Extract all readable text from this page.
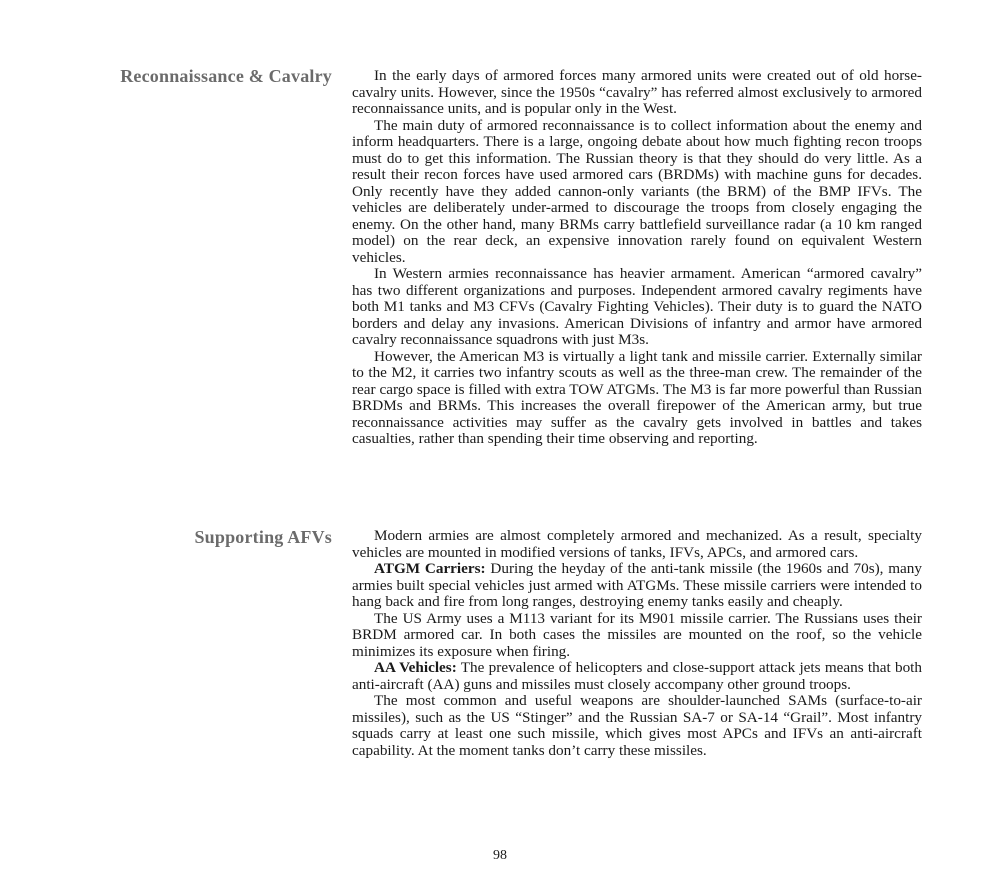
Reconnaissance & Cavalry	In the early days of armored forces many armored units were created out of old horse-cavalry units. However, since the 1950s “cavalry” has referred almost exclusively to armored reconnaissance units, and is popular only in the West.

The main duty of armored reconnaissance is to collect information about the enemy and inform headquarters. There is a large, ongoing debate about how much fighting recon troops must do to get this information. The Russian theory is that they should do very little. As a result their recon forces have used armored cars (BRDMs) with machine guns for decades. Only recently have they added cannon-only variants (the BRM) of the BMP IFVs. The vehicles are deliberately under-armed to discourage the troops from closely engaging the enemy. On the other hand, many BRMs carry battlefield surveillance radar (a 10 km ranged model) on the rear deck, an expensive innovation rarely found on equivalent Western vehicles.

In Western armies reconnaissance has heavier armament. American “armored cavalry” has two different organizations and purposes. Independent armored cavalry regiments have both M1 tanks and M3 CFVs (Cavalry Fighting Vehicles). Their duty is to guard the NATO borders and delay any invasions. American Divisions of infantry and armor have armored cavalry reconnaissance squadrons with just M3s.

However, the American M3 is virtually a light tank and missile carrier. Externally similar to the M2, it carries two infantry scouts as well as the three-man crew. The remainder of the rear cargo space is filled with extra TOW ATGMs. The M3 is far more powerful than Russian BRDMs and BRMs. This increases the overall firepower of the American army, but true reconnaissance activities may suffer as the cavalry gets involved in battles and takes casualties, rather than spending their time observing and reporting.

Supporting AFVs	Modern armies are almost completely armored and mechanized. As a result, specialty vehicles are mounted in modified versions of tanks, IFVs, APCs, and armored cars.

ATGM Carriers: During the heyday of the anti-tank missile (the 1960s and 70s), many armies built special vehicles just armed with ATGMs. These missile carriers were intended to hang back and fire from long ranges, destroying enemy tanks easily and cheaply.

The US Army uses a M113 variant for its M901 missile carrier. The Russians uses their BRDM armored car. In both cases the missiles are mounted on the roof, so the vehicle minimizes its exposure when firing.

AA Vehicles: The prevalence of helicopters and close-support attack jets means that both anti-aircraft (AA) guns and missiles must closely accompany other ground troops.

The most common and useful weapons are shoulder-launched SAMs (surface-to-air missiles), such as the US “Stinger” and the Russian SA-7 or SA-14 “Grail”. Most infantry squads carry at least one such missile, which gives most APCs and IFVs an anti-aircraft capability. At the moment tanks don’t carry these missiles.

98
